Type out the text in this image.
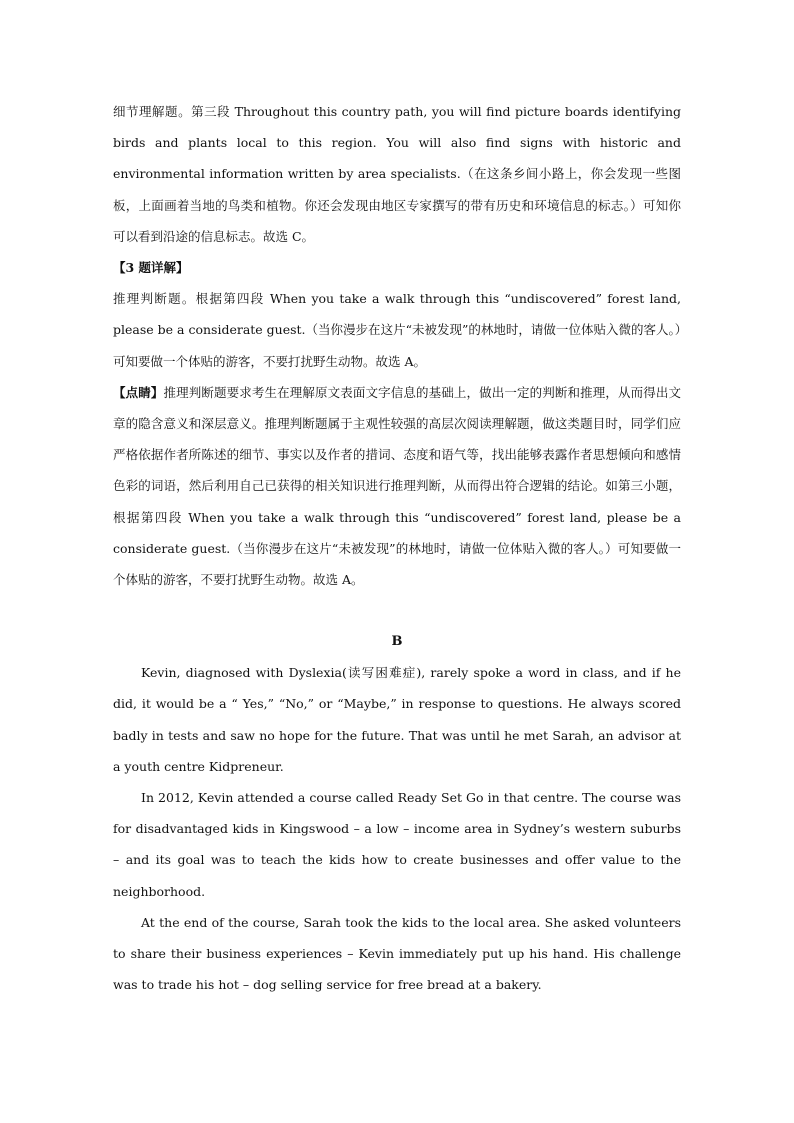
细节理解题。第三段 Throughout this country path, you will find picture boards identifying birds and plants local to this region. You will also find signs with historic and environmental information written by area specialists.（在这条乡间小路上，你会发现一些图板，上面画着当地的鸟类和植物。你还会发现由地区专家撰写的带有历史和环境信息的标志。）可知你可以看到沿途的信息标志。故选 C。

【3 题详解】

推理判断题。根据第四段 When you take a walk through this “undiscovered” forest land, please be a considerate guest.（当你漫步在这片“未被发现”的林地时，请做一位体贴入微的客人。）可知要做一个体贴的游客，不要打扰野生动物。故选 A。

【点睛】推理判断题要求考生在理解原文表面文字信息的基础上，做出一定的判断和推理，从而得出文章的隐含意义和深层意义。推理判断题属于主观性较强的高层次阅读理解题，做这类题目时，同学们应严格依据作者所陈述的细节、事实以及作者的措词、态度和语气等，找出能够表露作者思想倾向和感情色彩的词语，然后利用自己已获得的相关知识进行推理判断，从而得出符合逻辑的结论。如第三小题，根据第四段 When you take a walk through this “undiscovered” forest land, please be a considerate guest.（当你漫步在这片“未被发现”的林地时，请做一位体贴入微的客人。）可知要做一个体贴的游客，不要打扰野生动物。故选 A。

B

Kevin, diagnosed with Dyslexia(读写困难症), rarely spoke a word in class, and if he did, it would be a “ Yes,” “No,” or “Maybe,” in response to questions. He always scored badly in tests and saw no hope for the future. That was until he met Sarah, an advisor at a youth centre Kidpreneur.

In 2012, Kevin attended a course called Ready Set Go in that centre. The course was for disadvantaged kids in Kingswood – a low – income area in Sydney’s western suburbs – and its goal was to teach the kids how to create businesses and offer value to the neighborhood.

At the end of the course, Sarah took the kids to the local area. She asked volunteers to share their business experiences – Kevin immediately put up his hand. His challenge was to trade his hot – dog selling service for free bread at a bakery.
